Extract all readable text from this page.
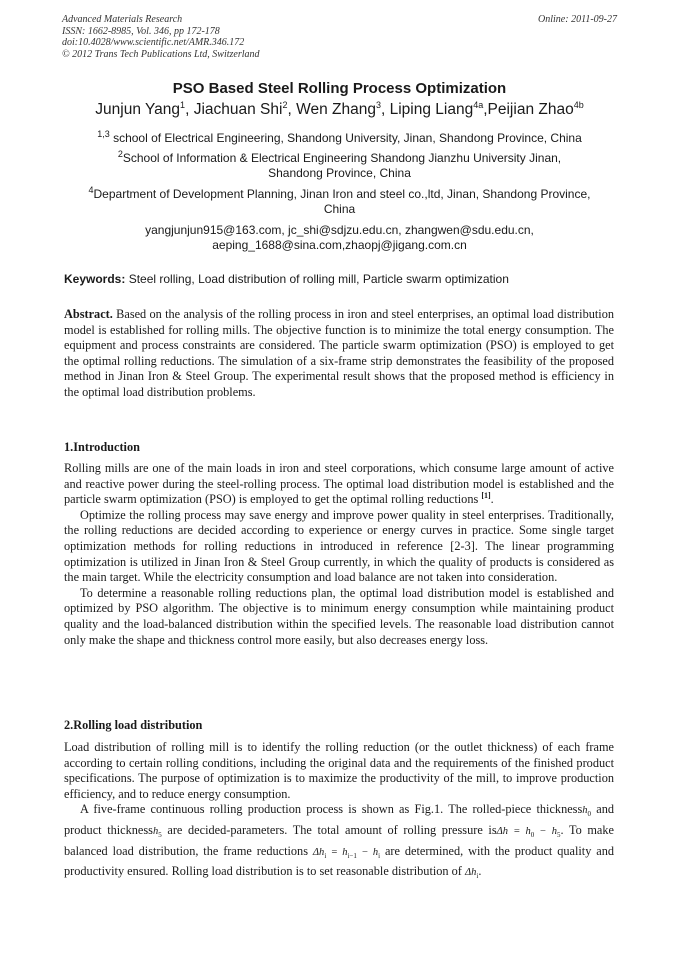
Advanced Materials Research
ISSN: 1662-8985, Vol. 346, pp 172-178
doi:10.4028/www.scientific.net/AMR.346.172
© 2012 Trans Tech Publications Ltd, Switzerland
Online: 2011-09-27
PSO Based Steel Rolling Process Optimization
Junjun Yang$^1$, Jiachuan Shi$^2$, Wen Zhang$^3$, Liping Liang$^{4a}$,Peijian Zhao$^{4b}$
$^{1,3}$ school of Electrical Engineering, Shandong University, Jinan, Shandong Province, China
$^2$School of Information & Electrical Engineering Shandong Jianzhu University Jinan,
Shandong Province, China
$^4$Department of Development Planning, Jinan Iron and steel co.,ltd, Jinan, Shandong Province,
China
yangjunjun915@163.com, jc_shi@sdjzu.edu.cn, zhangwen@sdu.edu.cn,
aeping_1688@sina.com,zhaopj@jigang.com.cn
Keywords: Steel rolling, Load distribution of rolling mill, Particle swarm optimization

Abstract. Based on the analysis of the rolling process in iron and steel enterprises, an optimal load distribution model is established for rolling mills. The objective function is to minimize the total energy consumption. The equipment and process constraints are considered. The particle swarm optimization (PSO) is employed to get the optimal rolling reductions. The simulation of a six-frame strip demonstrates the feasibility of the proposed method in Jinan Iron & Steel Group. The experimental result shows that the proposed method is efficiency in the optimal load distribution problems.

1.Introduction

Rolling mills are one of the main loads in iron and steel corporations, which consume large amount of active and reactive power during the steel-rolling process. The optimal load distribution model is established and the particle swarm optimization (PSO) is employed to get the optimal rolling reductions [1].

Optimize the rolling process may save energy and improve power quality in steel enterprises. Traditionally, the rolling reductions are decided according to experience or energy curves in practice. Some single target optimization methods for rolling reductions in introduced in reference [2-3]. The linear programming optimization is utilized in Jinan Iron & Steel Group currently, in which the quality of products is considered as the main target. While the electricity consumption and load balance are not taken into consideration.

To determine a reasonable rolling reductions plan, the optimal load distribution model is established and optimized by PSO algorithm. The objective is to minimum energy consumption while maintaining product quality and the load-balanced distribution within the specified levels. The reasonable load distribution cannot only make the shape and thickness control more easily, but also decreases energy loss.

2.Rolling load distribution

Load distribution of rolling mill is to identify the rolling reduction (or the outlet thickness) of each frame according to certain rolling conditions, including the original data and the requirements of the finished product specifications. The purpose of optimization is to maximize the productivity of the mill, to improve production efficiency, and to reduce energy consumption.

A five-frame continuous rolling production process is shown as Fig.1. The rolled-piece thicknessh$_0$ and product thicknessh$_5$ are decided-parameters. The total amount of rolling pressure $is\Delta h = h_0 - h_5$. To make balanced load distribution, the frame reductions $\Delta h_i = h_{i-1} - h_i$ are determined, with the product quality and productivity ensured. Rolling load distribution is to set reasonable distribution of $\Delta h_i$.
